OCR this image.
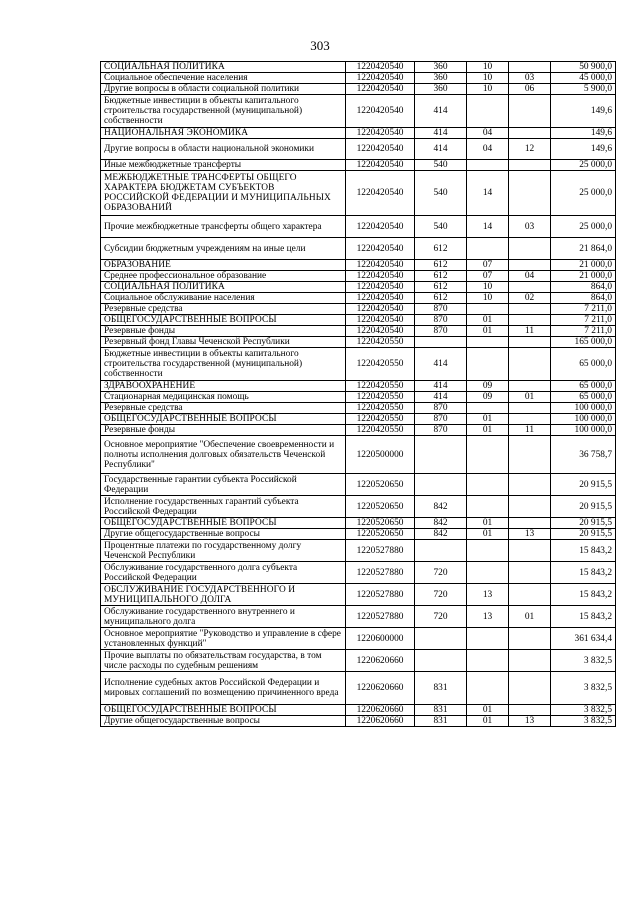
303
СОЦИАЛЬНАЯ ПОЛИТИКА	1220420540	360	10		50 900,0
Социальное обеспечение населения	1220420540	360	10	03	45 000,0
Другие вопросы в области социальной политики	1220420540	360	10	06	5 900,0
Бюджетные инвестиции в объекты капитального строительства государственной (муниципальной) собственности	1220420540	414			149,6
НАЦИОНАЛЬНАЯ ЭКОНОМИКА	1220420540	414	04		149,6
Другие вопросы в области национальной экономики	1220420540	414	04	12	149,6
Иные межбюджетные трансферты	1220420540	540			25 000,0
МЕЖБЮДЖЕТНЫЕ ТРАНСФЕРТЫ ОБЩЕГО ХАРАКТЕРА БЮДЖЕТАМ СУБЪЕКТОВ РОССИЙСКОЙ ФЕДЕРАЦИИ И МУНИЦИПАЛЬНЫХ ОБРАЗОВАНИЙ	1220420540	540	14		25 000,0
Прочие межбюджетные трансферты общего характера	1220420540	540	14	03	25 000,0
Субсидии бюджетным учреждениям на иные цели	1220420540	612			21 864,0
ОБРАЗОВАНИЕ	1220420540	612	07		21 000,0
Среднее профессиональное образование	1220420540	612	07	04	21 000,0
СОЦИАЛЬНАЯ ПОЛИТИКА	1220420540	612	10		864,0
Социальное обслуживание населения	1220420540	612	10	02	864,0
Резервные средства	1220420540	870			7 211,0
ОБЩЕГОСУДАРСТВЕННЫЕ ВОПРОСЫ	1220420540	870	01		7 211,0
Резервные фонды	1220420540	870	01	11	7 211,0
Резервный фонд Главы Чеченской Республики	1220420550				165 000,0
Бюджетные инвестиции в объекты капитального строительства государственной (муниципальной) собственности	1220420550	414			65 000,0
ЗДРАВООХРАНЕНИЕ	1220420550	414	09		65 000,0
Стационарная медицинская помощь	1220420550	414	09	01	65 000,0
Резервные средства	1220420550	870			100 000,0
ОБЩЕГОСУДАРСТВЕННЫЕ ВОПРОСЫ	1220420550	870	01		100 000,0
Резервные фонды	1220420550	870	01	11	100 000,0
Основное мероприятие "Обеспечение своевременности и полноты исполнения долговых обязательств Чеченской Республики"	1220500000				36 758,7
Государственные гарантии субъекта Российской Федерации	1220520650				20 915,5
Исполнение государственных гарантий субъекта Российской Федерации	1220520650	842			20 915,5
ОБЩЕГОСУДАРСТВЕННЫЕ ВОПРОСЫ	1220520650	842	01		20 915,5
Другие общегосударственные вопросы	1220520650	842	01	13	20 915,5
Процентные платежи по государственному долгу Чеченской Республики	1220527880				15 843,2
Обслуживание государственного долга субъекта Российской Федерации	1220527880	720			15 843,2
ОБСЛУЖИВАНИЕ ГОСУДАРСТВЕННОГО И МУНИЦИПАЛЬНОГО ДОЛГА	1220527880	720	13		15 843,2
Обслуживание государственного внутреннего и муниципального долга	1220527880	720	13	01	15 843,2
Основное мероприятие "Руководство и управление в сфере установленных функций"	1220600000				361 634,4
Прочие выплаты по обязательствам государства, в том числе расходы по судебным решениям	1220620660				3 832,5
Исполнение судебных актов Российской Федерации и мировых соглашений по возмещению причиненного вреда	1220620660	831			3 832,5
ОБЩЕГОСУДАРСТВЕННЫЕ ВОПРОСЫ	1220620660	831	01		3 832,5
Другие общегосударственные вопросы	1220620660	831	01	13	3 832,5
